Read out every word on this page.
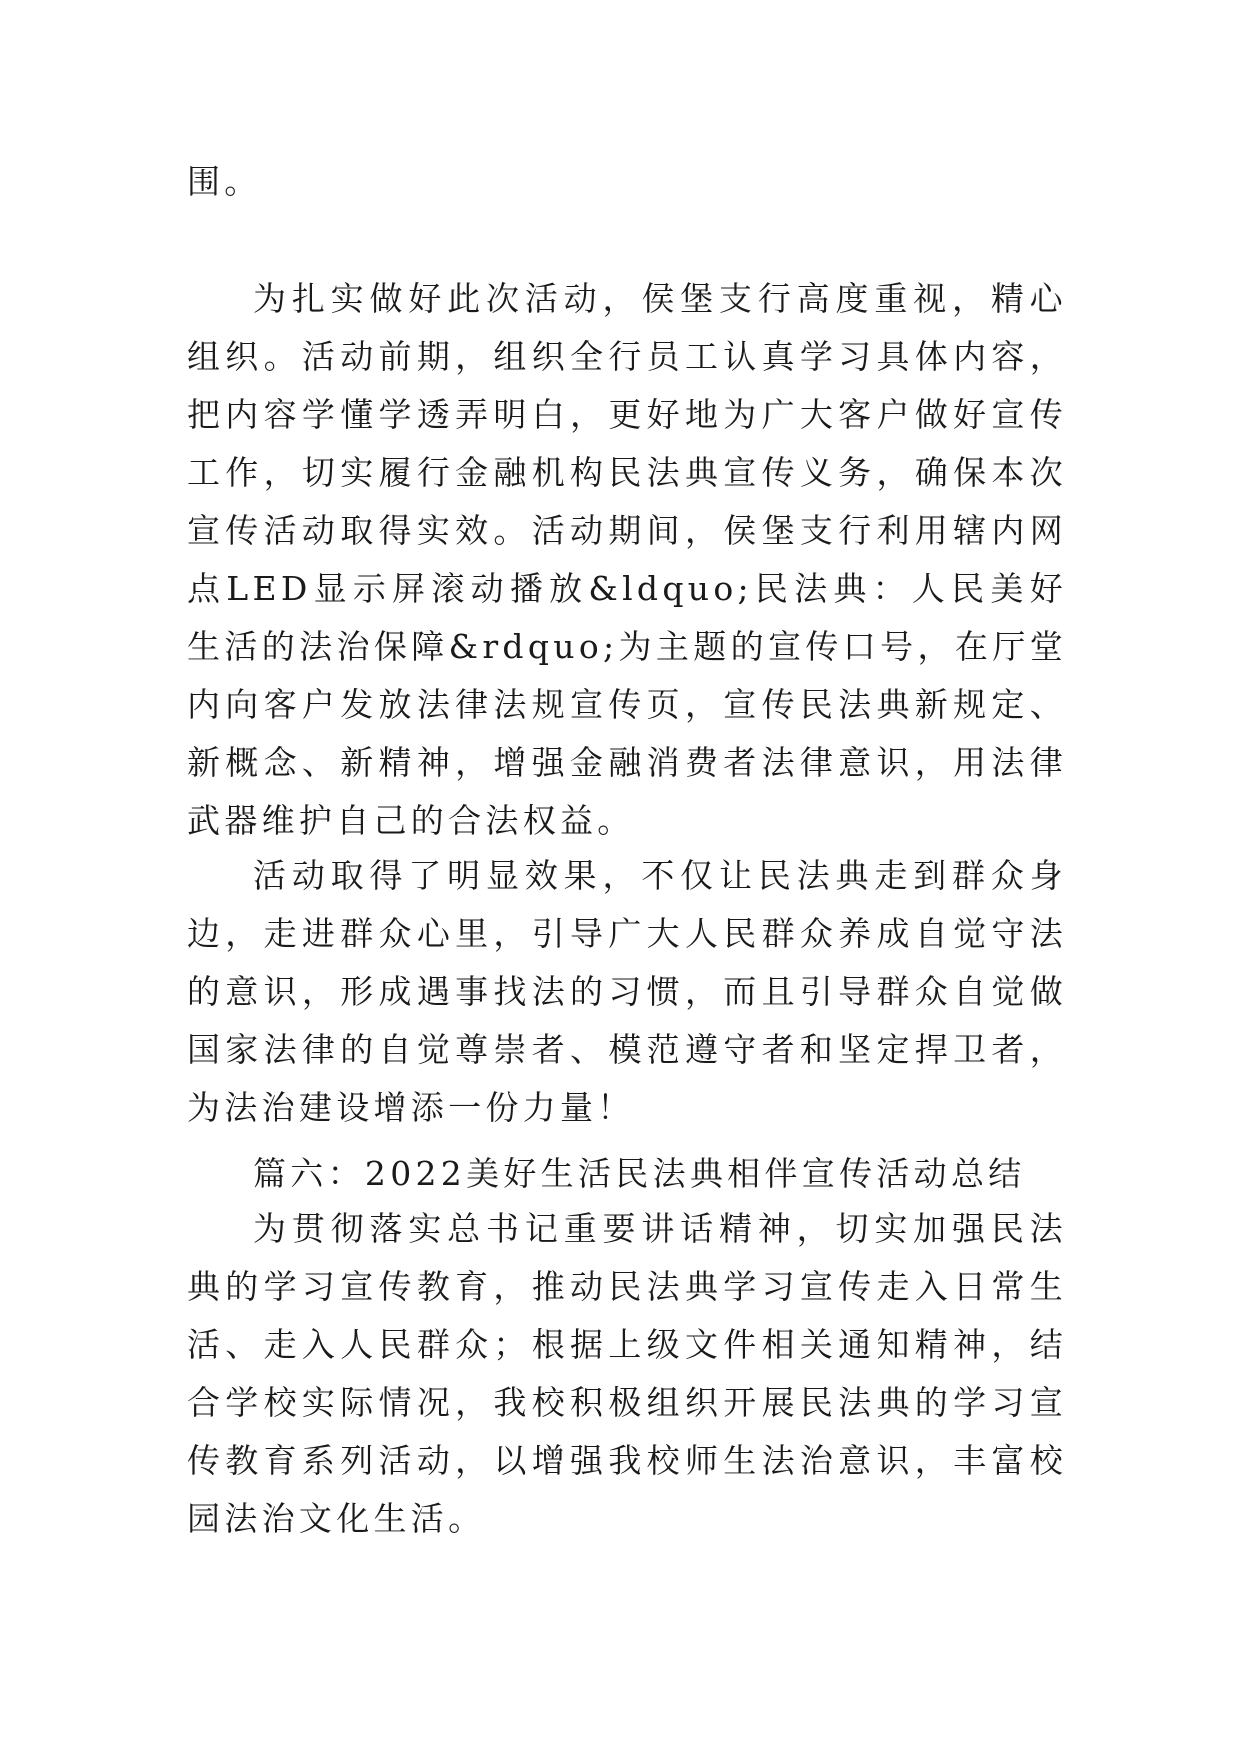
围。
为扎实做好此次活动，侯堡支行高度重视，精心组织。活动前期，组织全行员工认真学习具体内容，把内容学懂学透弄明白，更好地为广大客户做好宣传工作，切实履行金融机构民法典宣传义务，确保本次宣传活动取得实效。活动期间，侯堡支行利用辖内网点LED显示屏滚动播放&ldquo;民法典：人民美好生活的法治保障&rdquo;为主题的宣传口号，在厅堂内向客户发放法律法规宣传页，宣传民法典新规定、新概念、新精神，增强金融消费者法律意识，用法律武器维护自己的合法权益。
活动取得了明显效果，不仅让民法典走到群众身边，走进群众心里，引导广大人民群众养成自觉守法的意识，形成遇事找法的习惯，而且引导群众自觉做国家法律的自觉尊崇者、模范遵守者和坚定捍卫者，为法治建设增添一份力量！
篇六：2022美好生活民法典相伴宣传活动总结
为贯彻落实总书记重要讲话精神，切实加强民法典的学习宣传教育，推动民法典学习宣传走入日常生活、走入人民群众；根据上级文件相关通知精神，结合学校实际情况，我校积极组织开展民法典的学习宣传教育系列活动，以增强我校师生法治意识，丰富校园法治文化生活。
